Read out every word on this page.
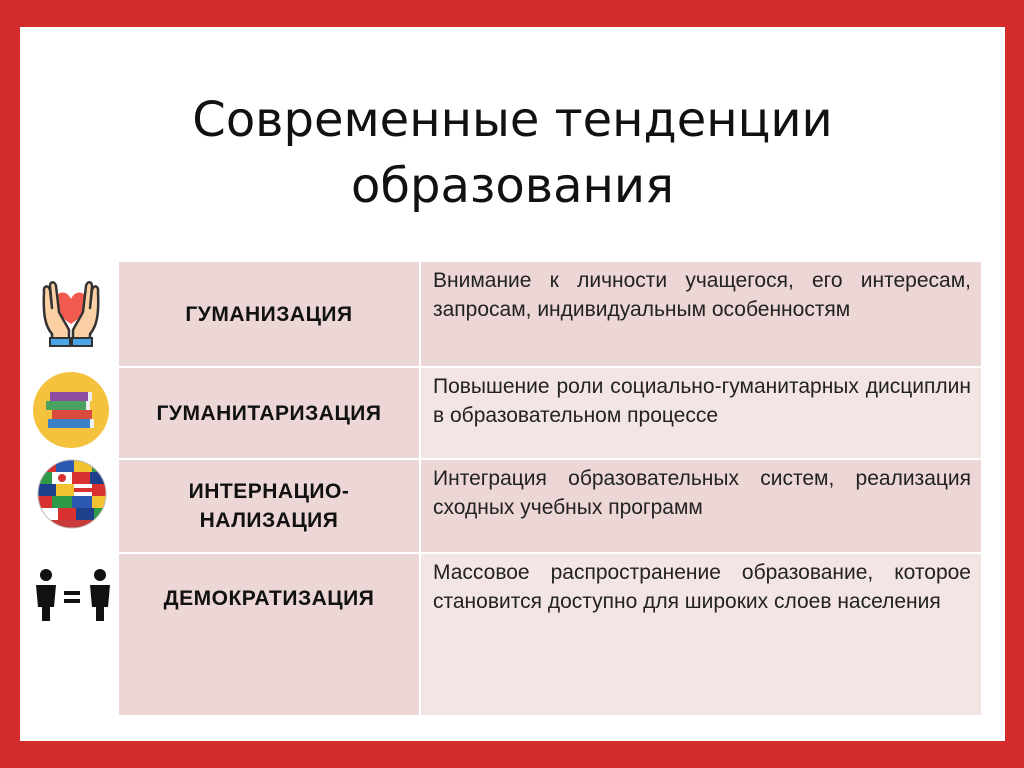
Современные тенденции
образования
ГУМАНИЗАЦИЯ	Внимание к личности учащегося, его интересам, запросам, индивидуальным особенностям
ГУМАНИТАРИЗАЦИЯ	Повышение роли социально-гуманитарных дисциплин в образовательном процессе

ИНТЕРНАЦИО-
НАЛИЗАЦИЯ	Интеграция образовательных систем, реализация сходных учебных программ
ДЕМОКРАТИЗАЦИЯ	Массовое распространение образование, которое становится доступно для широких слоев населения
